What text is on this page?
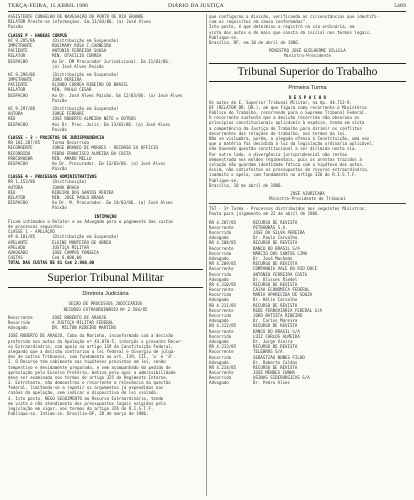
TERÇA-FEIRA, 15 ABRIL 1986	DIÁRIO DA JUSTIÇA	5489
ASSISTENTE CONSELHO DE NAVEGAÇÃO DO PORTO DE RIO GRANDE
RELATOR Preste-se informações. Em 11/03/86. (a) José Alves
Paixão
CLASSE P - HABEAS CORPUS
HC 9.295/86	(Distribuição em Suspensão)
IMPETRANTE	ROSIMARY ROSA C.CARNEIRO
PACIENTE	ANTONIO FERREIRA SOUSA
RELATOR	MIN. OTACILIO CORREA
DESPACHO	Ao Dr. DM Procurador Jurisdicional. Em 11/03/86.
(a) José Alves Paixão
HC 9.296/86	(Distribuição em Suspensão)
IMPETRANTE	JOÃO PEREIRA
PACIENTE	OLINDO CORREA RIBEIRO DO BRASIL
RELATOR	MIN. PAULO CESAR
DESPACHO	Ao Dr. José Alves Paixão. Em 12/03/86. (a) José Alves
Paixão
HC 9.297/86	(Distribuição em Suspensão)
AUTORA	JORGE FERRARI
RÉU	JOSÉ ROBERTO ALMEIDA NETO e OUTROS
DESPACHO	Aos Dr. Proc. Juris. Em 13/03/86. (a) José Alves
Paixão
CLASSE - 3 - PROJETOS DE JURISPRUDENCIA
RR 101.287/85	Turma Recorrida
RECORRENTE	JORGE BRANCO DE MORAES - RECURSO EX OFFICIO
RECORRIDO	PEDRO FRANCISCO ALMEIDA DA COSTA
PROCURADOR	MIN. AMARO MELLO
DESPACHO	Ao Dr. Procurador. Em 13/03/86. (a) José Alves
Paixão
CLASSE 4 - PROCESSOS ADMINISTRATIVOS
RR 1.153/86	(Distribuição)
AUTORA	JOANA BRAGA
RÉU	RIBEIRO DOS SANTOS PERIRA
RELATOR	MIN. JOSÉ PAULO BRAGA
DESPACHO	Ao Dr. M. Procurador. Em 14/03/86. (a) José Alves
Paixão
INTIMAÇÃO
Ficam intimados o Relator e ao Advogado para o pagamento das custas
de processos seguintes:
CLASSE 1 - APELAÇÃO
AP 8.101/85	(Distribuição em Suspensão)
APELANTE	ELAINE MONTEIRO DE ABREU
APELADO	JUSTIÇA MILITAR
ADVOGADO	JOSÉ CAMPOS FONSECA
CUSTAS	Ce$ 6.800,00
TOTAL DAS CUSTAS DE 81 Ce$ 2.980,00
Superior Tribunal Militar
Diretoria Judiciária
SEÇÃO DE PROCESSOS JUDICIÁRIOS
RECURSO EXTRAORDINÁRIO Nº 2.584/85
Recorrente	JOSÉ ROBERTO DE ARAÚJO
Recorrido	A JUSTIÇA MILITAR FEDERAL
Advogado	DR. MILTON RIBEIRO MARTINS
JOSÉ ROBERTO DE ARAÚJO, Cabo da Marinha, inconformado com a decisão
proferida nos autos da Apelação nº 43.870-5, interpôs o presente Recur-
so Extraordinário, com apoio no artigo 119 da Constituição Federal,
alegando que a decisão contrariou a lei federal e divergiu de julga-
dos de outros Tribunais, com fundamento no art. 119, III, 'a' e 'd'.
2. O Recurso tem cabimento nas hipóteses previstas em lei, sendo
tempestivo e devidamente preparado, e vem acompanhado do pedido de
apreciação pelo Excelso Pretório, motivo pelo qual a admissibilidade
deve ser examinada nos termos do artigo 325 do Regimento Interno.
3. Entretanto, não demonstrou o recorrente a relevância da questão
federal, limitando-se a repetir os argumentos já expendidos nas
razões da apelação, sem indicar o dispositivo de lei violado.
4. Isto posto, NEGO SEGUIMENTO ao Recurso Extraordinário, tendo
em vista o não atendimento dos pressupostos legais exigidos pela
legislação em vigor, nos termos do artigo 326 do R.I.S.T.F.
Publique-se. Intime-se. Brasília-DF, 28 de março de 1986.
que configurou a divisão, verificando as circunstâncias que identifi-
cam os requisitos em causa conformadas".
Isto posto, é que determino o registro na via ordinária, em
vista dos autos e do mais que consta da inicial nos termos legais.
Publique-se.
Brasília, DF, em 10 de abril de 1986.
MINISTRO JOSÉ GUILHERME VILLELA
Ministro-Presidente
Tribunal Superior do Trabalho
Primeira Turma
D E S P A C H O
Os autos do E. Superior Tribunal Militar, na Ap. 44.713-9,
DF (RELATOR DR. DR.), em que figura como recorrente o Ministério
Público do Trabalho, recorrendo para o Supremo Tribunal Federal.
O recorrente sustenta que a decisão recorrida não observou os
princípios constitucionais aplicáveis à espécie, tendo em vista
a competência da Justiça do Trabalho para dirimir os conflitos
decorrentes das relações de trabalho, nos termos da lei.
Não se vislumbra, porém, a alegada ofensa à Constituição, uma vez
que a matéria foi decidida à luz da legislação ordinária aplicável,
não havendo questão constitucional a ser dirimida nesta via.
Por outro lado, a divergência jurisprudencial não restou
demonstrada nos moldes regimentais, pois os arestos trazidos à
colação não guardam identidade fática com a hipótese dos autos.
Assim, não satisfeitos os pressupostos do recurso extraordinário,
inadmito o apelo, com fundamento no artigo 326 do R.I.S.T.F.
Publique-se.
Brasília, 10 de abril de 1986.
JOSÉ AJURICABA
Ministro-Presidente do Tribunal
TST - 1ª Turma - Processos distribuídos aos seguintes Ministros:
Pauta para julgamento em 22 de abril de 1986.
RR 4.207/85	RECURSO DE REVISTA
Recorrente	PETROBRÁS S.A.
Recorrido	JOSÉ DA SILVA PEREIRA
Advogado	Dr. Paulo Carvalho
RR 4.208/85	RECURSO DE REVISTA
Recorrente	BANCO DO BRASIL S/A
Recorrido	MÁRCIO DOS SANTOS LIMA
Advogado	Dr. José Machado
RR 4.209/85	RECURSO DE REVISTA
Recorrente	COMPANHIA VALE DO RIO DOCE
Recorrido	ANTÔNIO FERREIRA COSTA
Advogado	Dr. Ulisses Riedel
RR 4.210/85	RECURSO DE REVISTA
Recorrente	CAIXA ECONÔMICA FEDERAL
Recorrido	MARIA APARECIDA DE SOUZA
Advogado	Dr. Hélio Carvalho
RR 4.211/85	RECURSO DE REVISTA
Recorrente	REDE FERROVIÁRIA FEDERAL S/A
Recorrido	JOÃO BATISTA RIBEIRO
Advogado	Dr. Carlos Moreira
RR 4.212/85	RECURSO DE REVISTA
Recorrente	BANCO DO BRASIL S/A
Recorrido	LUIZ CARLOS ALMEIDA
Advogado	Dr. Jorge Vieira
RR 4.213/85	RECURSO DE REVISTA
Recorrente	TELEBRÁS S/A
Recorrido	SEBASTIÃO NUNES FILHO
Advogado	Dr. Roberto Caldas
RR 4.214/85	RECURSO DE REVISTA
Recorrente	JOSÉ MENDES CUNHA
Recorrido	USINAS SIDERÚRGICAS S/A
Advogado	Dr. Pedro Alves
